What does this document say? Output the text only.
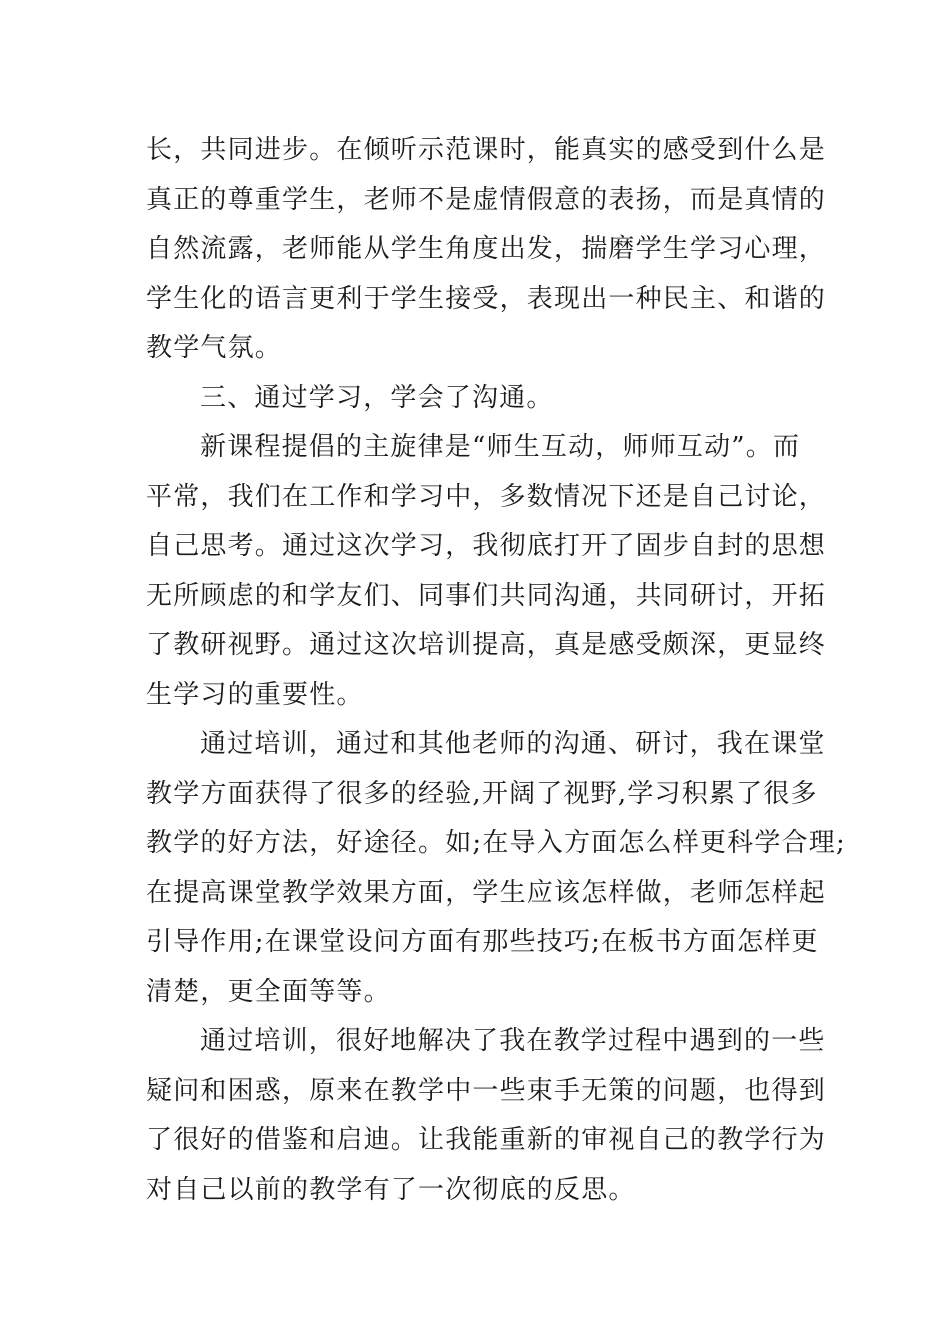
长，共同进步。在倾听示范课时，能真实的感受到什么是
真正的尊重学生，老师不是虚情假意的表扬，而是真情的
自然流露，老师能从学生角度出发，揣磨学生学习心理，
学生化的语言更利于学生接受，表现出一种民主、和谐的
教学气氛。
三、通过学习，学会了沟通。
新课程提倡的主旋律是“师生互动，师师互动”。而
平常，我们在工作和学习中，多数情况下还是自己讨论，
自己思考。通过这次学习，我彻底打开了固步自封的思想
无所顾虑的和学友们、同事们共同沟通，共同研讨，开拓
了教研视野。通过这次培训提高，真是感受颇深，更显终
生学习的重要性。
通过培训，通过和其他老师的沟通、研讨，我在课堂
教学方面获得了很多的经验,开阔了视野,学习积累了很多
教学的好方法，好途径。如;在导入方面怎么样更科学合理;
在提高课堂教学效果方面，学生应该怎样做，老师怎样起
引导作用;在课堂设问方面有那些技巧;在板书方面怎样更
清楚，更全面等等。
通过培训，很好地解决了我在教学过程中遇到的一些
疑问和困惑，原来在教学中一些束手无策的问题，也得到
了很好的借鉴和启迪。让我能重新的审视自己的教学行为
对自己以前的教学有了一次彻底的反思。
